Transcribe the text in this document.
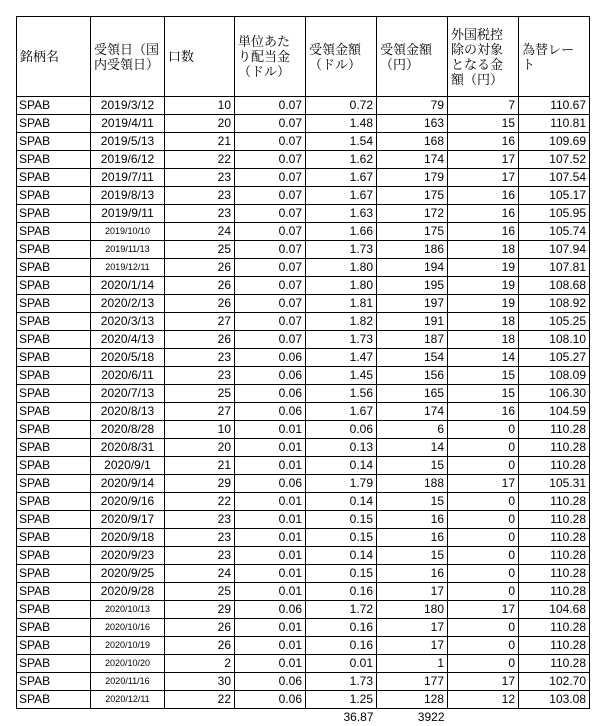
銘柄名	受領日（国内受領日）	口数	単位あたり配当金（ドル）	受領金額（ドル）	受領金額（円）	外国税控除の対象となる金額（円）	為替レート
SPAB	2019/3/12	10	0.07	0.72	79	7	110.67
SPAB	2019/4/11	20	0.07	1.48	163	15	110.81
SPAB	2019/5/13	21	0.07	1.54	168	16	109.69
SPAB	2019/6/12	22	0.07	1.62	174	17	107.52
SPAB	2019/7/11	23	0.07	1.67	179	17	107.54
SPAB	2019/8/13	23	0.07	1.67	175	16	105.17
SPAB	2019/9/11	23	0.07	1.63	172	16	105.95
SPAB	2019/10/10	24	0.07	1.66	175	16	105.74
SPAB	2019/11/13	25	0.07	1.73	186	18	107.94
SPAB	2019/12/11	26	0.07	1.80	194	19	107.81
SPAB	2020/1/14	26	0.07	1.80	195	19	108.68
SPAB	2020/2/13	26	0.07	1.81	197	19	108.92
SPAB	2020/3/13	27	0.07	1.82	191	18	105.25
SPAB	2020/4/13	26	0.07	1.73	187	18	108.10
SPAB	2020/5/18	23	0.06	1.47	154	14	105.27
SPAB	2020/6/11	23	0.06	1.45	156	15	108.09
SPAB	2020/7/13	25	0.06	1.56	165	15	106.30
SPAB	2020/8/13	27	0.06	1.67	174	16	104.59
SPAB	2020/8/28	10	0.01	0.06	6	0	110.28
SPAB	2020/8/31	20	0.01	0.13	14	0	110.28
SPAB	2020/9/1	21	0.01	0.14	15	0	110.28
SPAB	2020/9/14	29	0.06	1.79	188	17	105.31
SPAB	2020/9/16	22	0.01	0.14	15	0	110.28
SPAB	2020/9/17	23	0.01	0.15	16	0	110.28
SPAB	2020/9/18	23	0.01	0.15	16	0	110.28
SPAB	2020/9/23	23	0.01	0.14	15	0	110.28
SPAB	2020/9/25	24	0.01	0.15	16	0	110.28
SPAB	2020/9/28	25	0.01	0.16	17	0	110.28
SPAB	2020/10/13	29	0.06	1.72	180	17	104.68
SPAB	2020/10/16	26	0.01	0.16	17	0	110.28
SPAB	2020/10/19	26	0.01	0.16	17	0	110.28
SPAB	2020/10/20	2	0.01	0.01	1	0	110.28
SPAB	2020/11/16	30	0.06	1.73	177	17	102.70
SPAB	2020/12/11	22	0.06	1.25	128	12	103.08
				36.87	3922		
